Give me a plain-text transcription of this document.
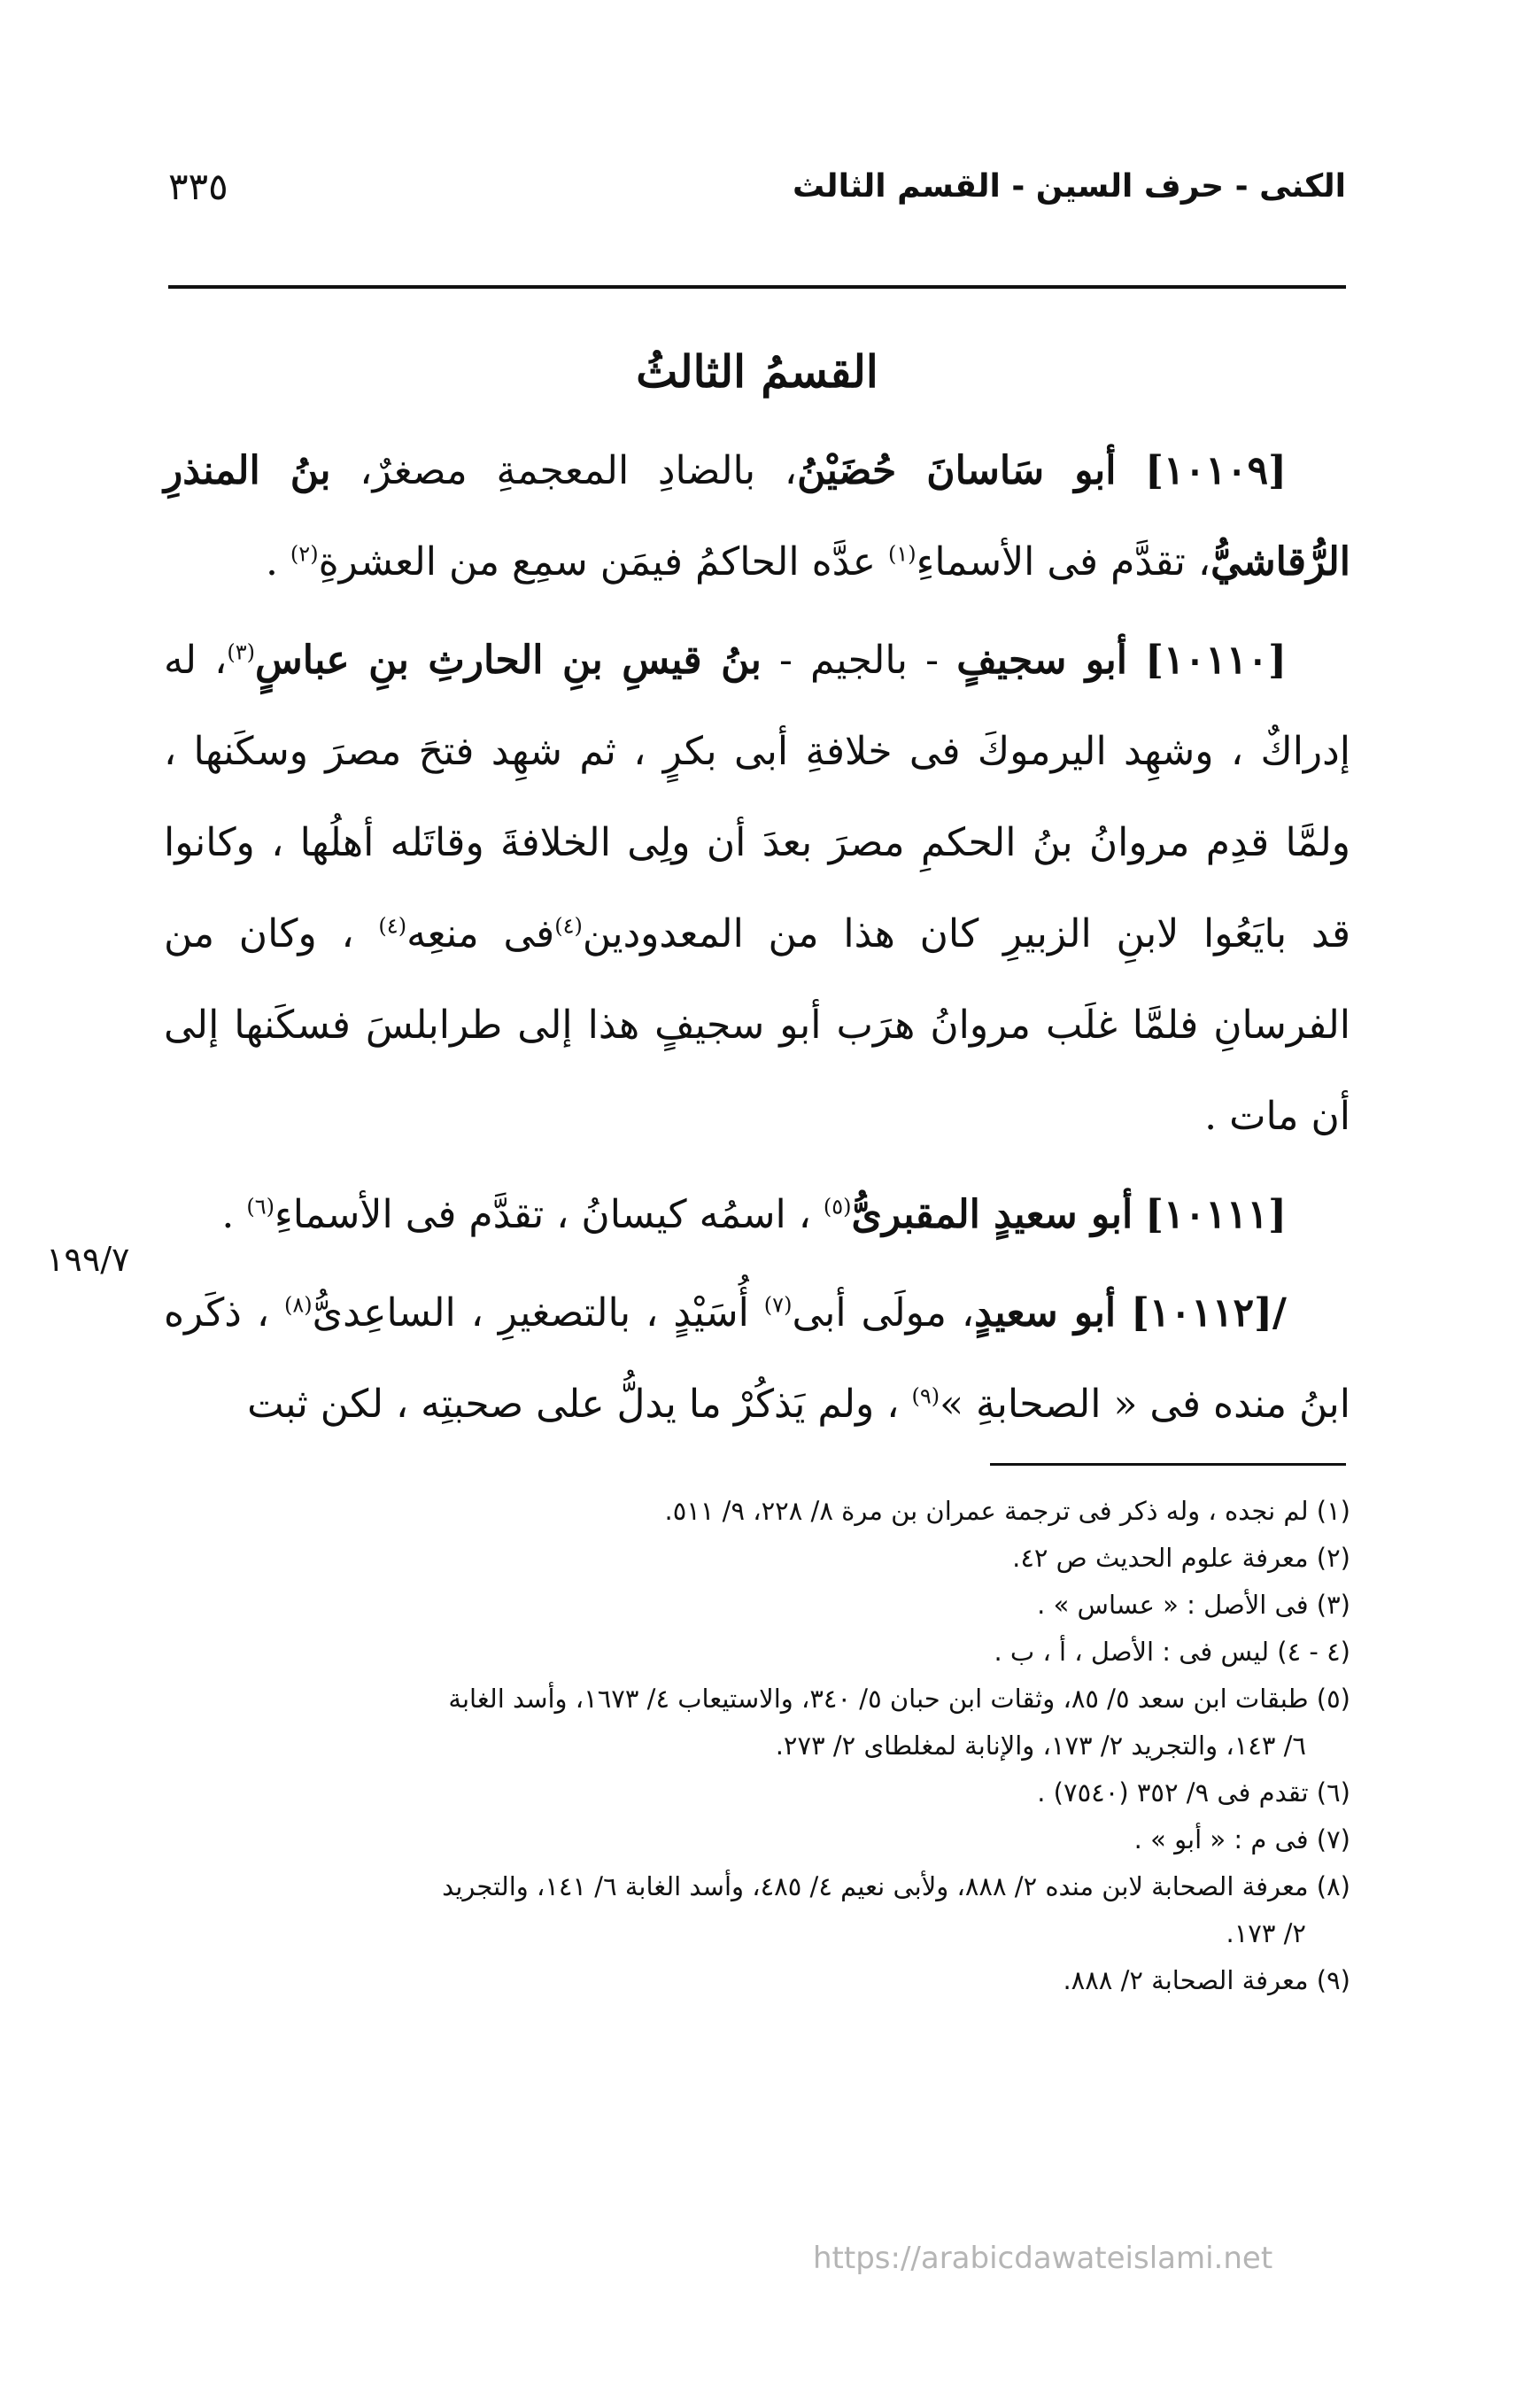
الكنى - حرف السين - القسم الثالث
٣٣٥
القسمُ الثالثُ

[١٠١٠٩] أبو سَاسانَ حُضَيْنُ، بالضادِ المعجمةِ مصغرٌ، بنُ المنذرِ الرُّقاشيُّ، تقدَّم فى الأسماءِ$^{(١)}$ عدَّه الحاكمُ فيمَن سمِع من العشرةِ$^{(٢)}$ .

[١٠١١٠] أبو سجيفٍ - بالجيم - بنُ قيسِ بنِ الحارثِ بنِ عباسٍ$^{(٣)}$، له إدراكٌ ، وشهِد اليرموكَ فى خلافةِ أبى بكرٍ ، ثم شهِد فتحَ مصرَ وسكَنها ، ولمَّا قدِم مروانُ بنُ الحكمِ مصرَ بعدَ أن ولِى الخلافةَ وقاتَله أهلُها ، وكانوا قد بايَعُوا لابنِ الزبيرِ كان هذا من المعدودين$^{(٤)}$فى منعِه$^{(٤)}$ ، وكان من الفرسانِ فلمَّا غلَب مروانُ هرَب أبو سجيفٍ هذا إلى طرابلسَ فسكَنها إلى أن مات .

[١٠١١١] أبو سعيدٍ المقبرىُّ$^{(٥)}$ ، اسمُه كيسانُ ، تقدَّم فى الأسماءِ$^{(٦)}$ .

/[١٠١١٢] أبو سعيدٍ، مولَى أبى$^{(٧)}$ أُسَيْدٍ ، بالتصغيرِ ، الساعِدىُّ$^{(٨)}$ ، ذكَره ابنُ منده فى « الصحابةِ »$^{(٩)}$ ، ولم يَذكُرْ ما يدلُّ على صحبتِه ، لكن ثبت

١٩٩/٧

(١) لم نجده ، وله ذكر فى ترجمة عمران بن مرة ٨/ ٢٢٨، ٩/ ٥١١.

(٢) معرفة علوم الحديث ص ٤٢.

(٣) فى الأصل : « عساس » .

(٤ - ٤) ليس فى : الأصل ، أ ، ب .

(٥) طبقات ابن سعد ٥/ ٨٥، وثقات ابن حبان ٥/ ٣٤٠، والاستيعاب ٤/ ١٦٧٣، وأسد الغابة
٦/ ١٤٣، والتجريد ٢/ ١٧٣، والإنابة لمغلطاى ٢/ ٢٧٣.

(٦) تقدم فى ٩/ ٣٥٢ (٧٥٤٠) .

(٧) فى م : « أبو » .

(٨) معرفة الصحابة لابن منده ٢/ ٨٨٨، ولأبى نعيم ٤/ ٤٨٥، وأسد الغابة ٦/ ١٤١، والتجريد
٢/ ١٧٣.

(٩) معرفة الصحابة ٢/ ٨٨٨.

https://arabicdawateislami.net
